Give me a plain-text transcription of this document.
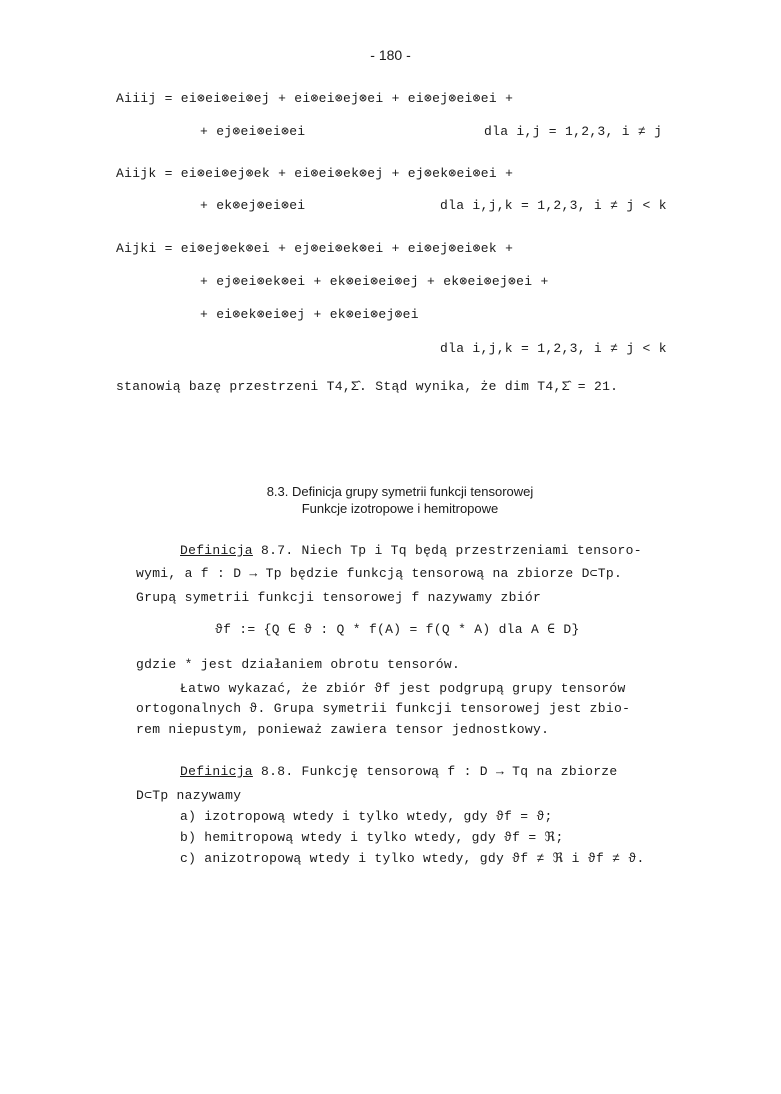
- 180 -
Aiiij = ei⊗ei⊗ei⊗ej + ei⊗ei⊗ej⊗ei + ei⊗ej⊗ei⊗ei +
+ ej⊗ei⊗ei⊗ei	dla i,j = 1,2,3, i ≠ j
Aiijk = ei⊗ei⊗ej⊗ek + ei⊗ei⊗ek⊗ej + ej⊗ek⊗ei⊗ei +
+ ek⊗ej⊗ei⊗ei	dla i,j,k = 1,2,3, i ≠ j < k
Aijki = ei⊗ej⊗ek⊗ei + ej⊗ei⊗ek⊗ei + ei⊗ej⊗ei⊗ek +
+ ej⊗ei⊗ek⊗ei + ek⊗ei⊗ei⊗ej + ek⊗ei⊗ej⊗ei +
+ ei⊗ek⊗ei⊗ej + ek⊗ei⊗ej⊗ei
dla i,j,k = 1,2,3, i ≠ j < k
stanowią bazę przestrzeni T4,Σ̂. Stąd wynika, że dim T4,Σ̂ = 21.
8.3. Definicja grupy symetrii funkcji tensorowej
Funkcje izotropowe i hemitropowe
Definicja 8.7. Niech Tp i Tq będą przestrzeniami tensoro-
wymi, a f : D → Tp będzie funkcją tensorową na zbiorze D⊂Tp.
Grupą symetrii funkcji tensorowej f nazywamy zbiór
ϑf := {Q ∈ ϑ : Q * f(A) = f(Q * A) dla A ∈ D}
gdzie * jest działaniem obrotu tensorów.
Łatwo wykazać, że zbiór ϑf jest podgrupą grupy tensorów
ortogonalnych ϑ. Grupa symetrii funkcji tensorowej jest zbio-
rem niepustym, ponieważ zawiera tensor jednostkowy.
Definicja 8.8. Funkcję tensorową f : D → Tq na zbiorze
D⊂Tp nazywamy
a) izotropową wtedy i tylko wtedy, gdy ϑf = ϑ;
b) hemitropową wtedy i tylko wtedy, gdy ϑf = ℜ;
c) anizotropową wtedy i tylko wtedy, gdy ϑf ≠ ℜ i ϑf ≠ ϑ.
